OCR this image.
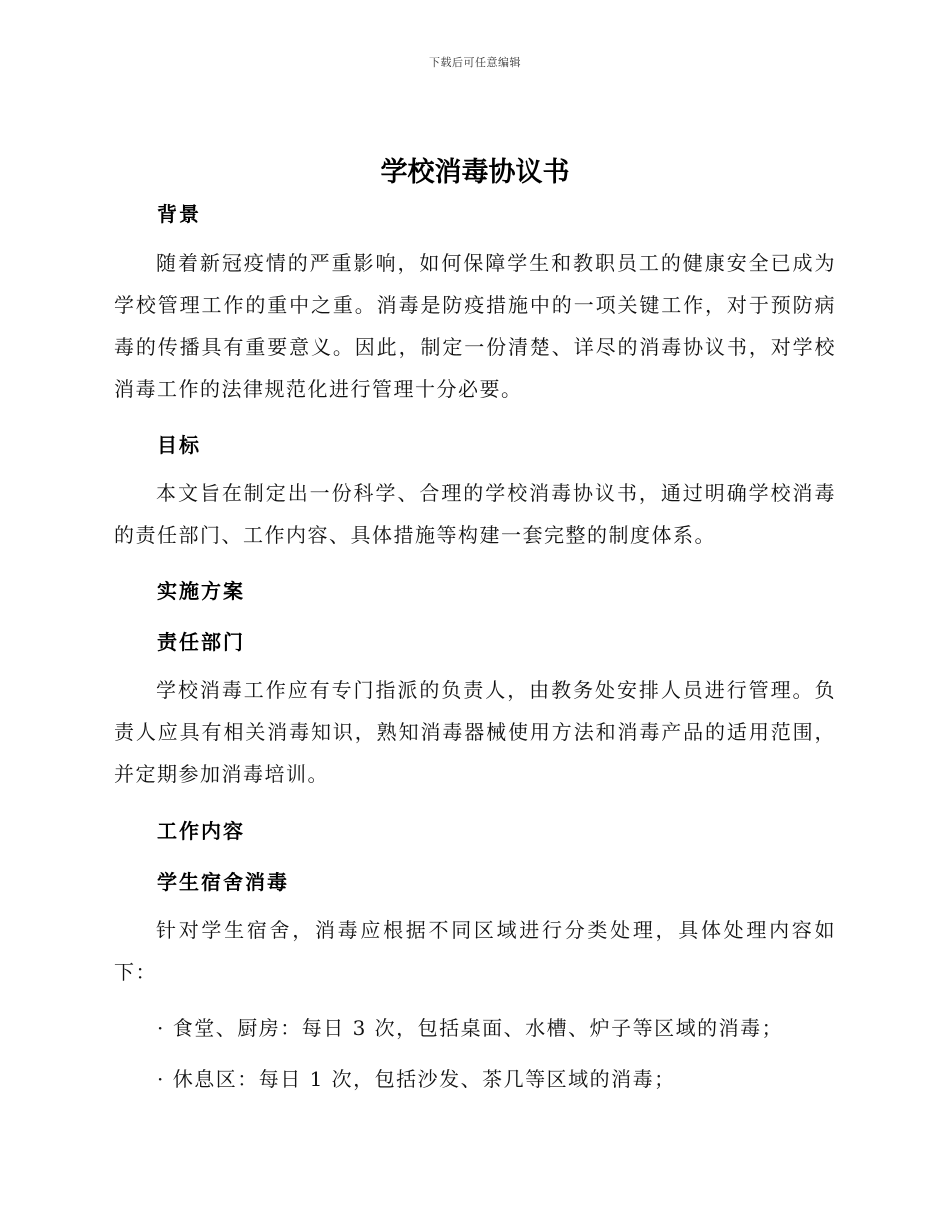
下载后可任意编辑
学校消毒协议书
背景

随着新冠疫情的严重影响，如何保障学生和教职员工的健康安全已成为学校管理工作的重中之重。消毒是防疫措施中的一项关键工作，对于预防病毒的传播具有重要意义。因此，制定一份清楚、详尽的消毒协议书，对学校消毒工作的法律规范化进行管理十分必要。

目标

本文旨在制定出一份科学、合理的学校消毒协议书，通过明确学校消毒的责任部门、工作内容、具体措施等构建一套完整的制度体系。

实施方案
责任部门

学校消毒工作应有专门指派的负责人，由教务处安排人员进行管理。负责人应具有相关消毒知识，熟知消毒器械使用方法和消毒产品的适用范围，并定期参加消毒培训。

工作内容
学生宿舍消毒

针对学生宿舍，消毒应根据不同区域进行分类处理，具体处理内容如下：

· 食堂、厨房：每日 3 次，包括桌面、水槽、炉子等区域的消毒；

· 休息区：每日 1 次，包括沙发、茶几等区域的消毒；
